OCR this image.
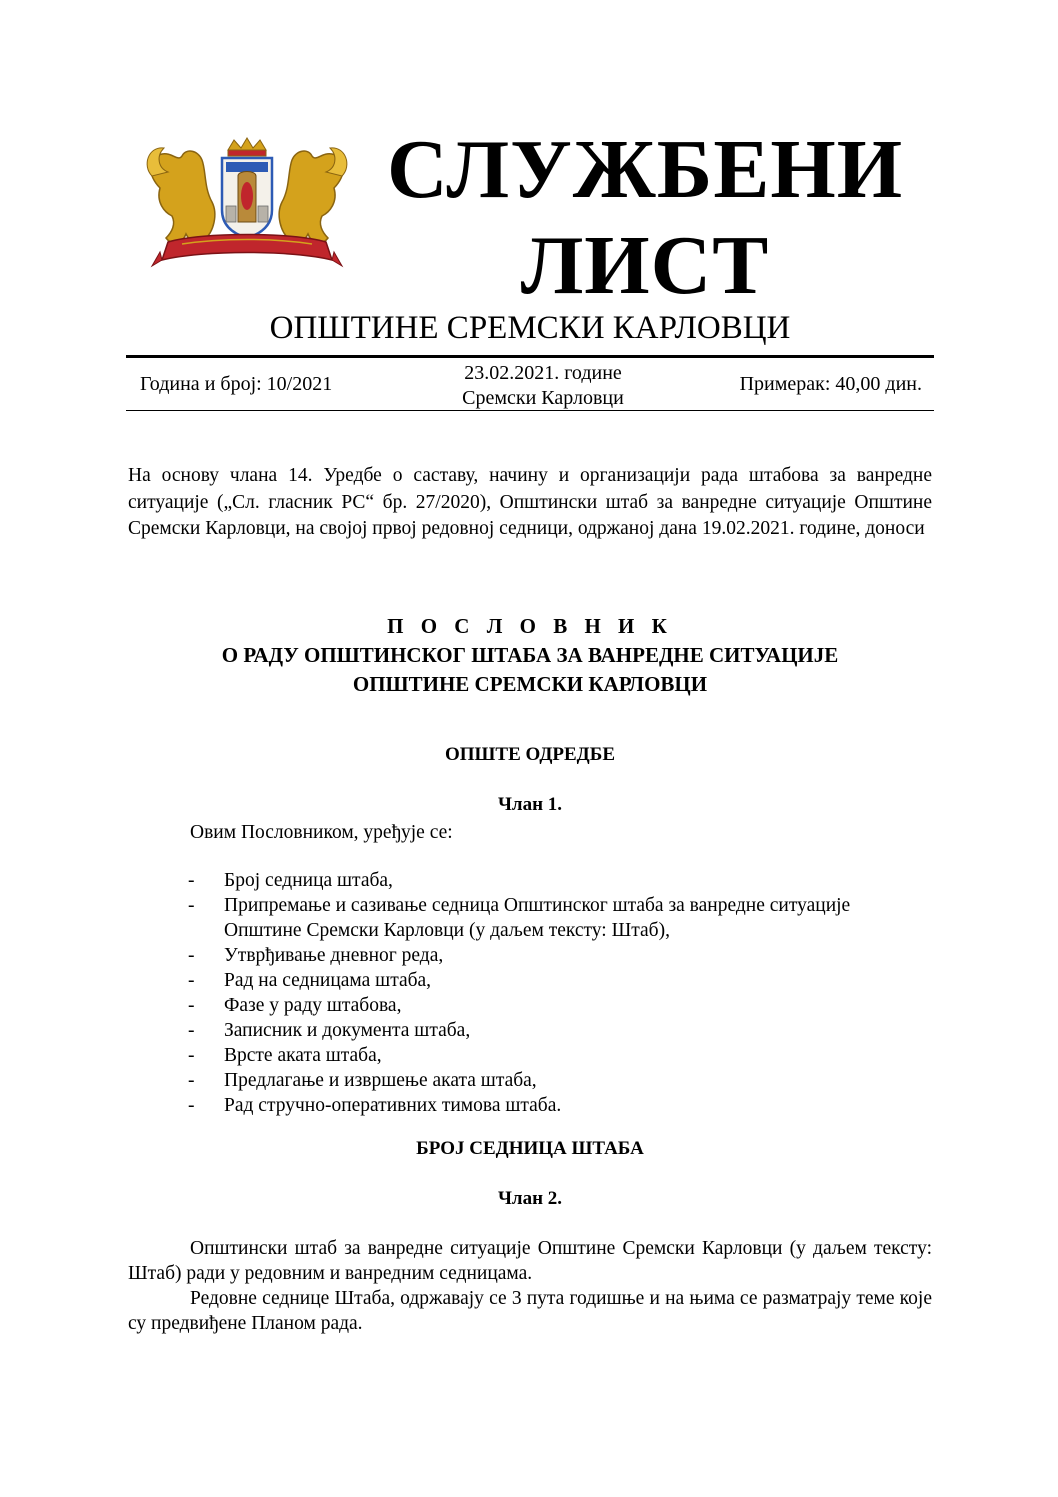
СЛУЖБЕНИ
ЛИСТ
ОПШТИНЕ СРЕМСКИ КАРЛОВЦИ
Година и број: 10/2021	23.02.2021. године
Сремски Карловци
Примерак: 40,00 дин.
На основу члана 14. Уредбе о саставу, начину и организацији рада штабова за ванредне ситуације („Сл. гласник РС“ бр. 27/2020), Општински штаб за ванредне ситуације Општине Сремски Карловци, на својој првој редовној седници, одржаној дана 19.02.2021. године, доноси
П О С Л О В Н И К
О РАДУ ОПШТИНСКОГ ШТАБА ЗА ВАНРЕДНЕ СИТУАЦИЈЕ
ОПШТИНЕ СРЕМСКИ КАРЛОВЦИ
ОПШТЕ ОДРЕДБЕ
Члан 1.
Овим Пословником, уређује се:
- Број седница штаба,
- Припремање и сазивање седница Општинског штаба за ванредне ситуације Општине Сремски Карловци (у даљем тексту: Штаб),
- Утврђивање дневног реда,
- Рад на седницама штаба,
- Фазе у раду штабова,
- Записник и документа штаба,
- Врсте аката штаба,
- Предлагање и извршење аката штаба,
- Рад стручно-оперативних тимова штаба.
БРОЈ СЕДНИЦА ШТАБА
Члан 2.
Општински штаб за ванредне ситуације Општине Сремски Карловци (у даљем тексту: Штаб) ради у редовним и ванредним седницама.
Редовне седнице Штаба, одржавају се 3 пута годишње и на њима се разматрају теме које су предвиђене Планом рада.
